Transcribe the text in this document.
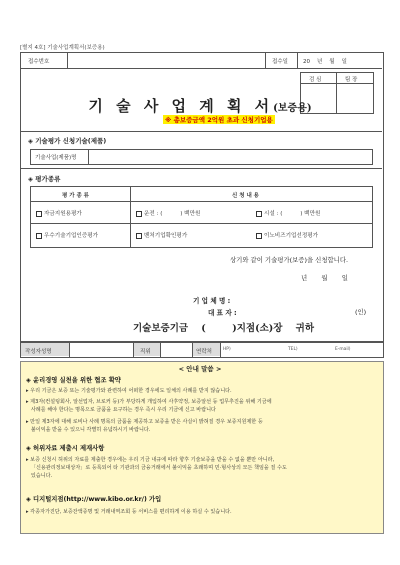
[별지 4호] 기술사업계획서(보증용)
접수번호	접수일	20    년    월    일
검 심	팀 장
기 술 사 업 계 획 서(보증용)
※ 총보증금액 2억원 초과 신청기업용
◈ 기술평가 신청기술(제품)
기술사업(제품)명
◈ 평가종류
평 가 종 류	신 청 내 용
자금지원용평가	운전 : (          ) 백만원	시설 : (          ) 백만원
우수기술기업인증평가	벤처기업확인평가	이노비즈기업선정평가
상기와 같이 기술평가(보증)을 신청합니다.
년       월       일
기 업 체 명 :
대 표 자 :	(인)
기술보증기금    (        )지점(소)장    귀하
작성자성명	직위	연락처	HP)	TEL)	E-mail)
< 안내 말씀 >
◈ 윤리경영 실천을 위한 협조 확약
▸ 우리 기금은 보증 또는 기술평가와 관련하여 어떠한 경우에도 일체의 사례를 받지 않습니다.
▸ 제3자(컨설팅회사, 알선업자, 브로커 등)가 부당하게 개입하여 사후약정, 보증알선 등 업무추진을 위해 기금에
사례를 해야 한다는 명목으로 금품을 요구하는 경우 즉시 우리 기금에 신고 바랍니다
▸ 만일 제3자에 대해 로비나 사례 명목의 금품을 제공하고 보증을 받은 사실이 밝혀질 경우 보증지원제한 등
불이익을 받을 수 있으니 각별히 유념하시기 바랍니다.
◈ 허위자료 제출시 제재사항
▸ 보증 신청시 허위의 자료를 제출한 경우에는 우리 기금 내규에 따라 향후 기술보증을 받을 수 없을 뿐만 아니라,
「신용관리정보대상자」로 등록되어 타 기관과의 금융거래에서 불이익을 초래하며 민·형사상의 모든 책임을 질 수도
있습니다.
◈ 디지털지점(http://www.kibo.or.kr/) 가입
▸ 각종자가진단, 보증잔액증명 및 거래내역조회 등 서비스를 편리하게 이용 하실 수 있습니다.
